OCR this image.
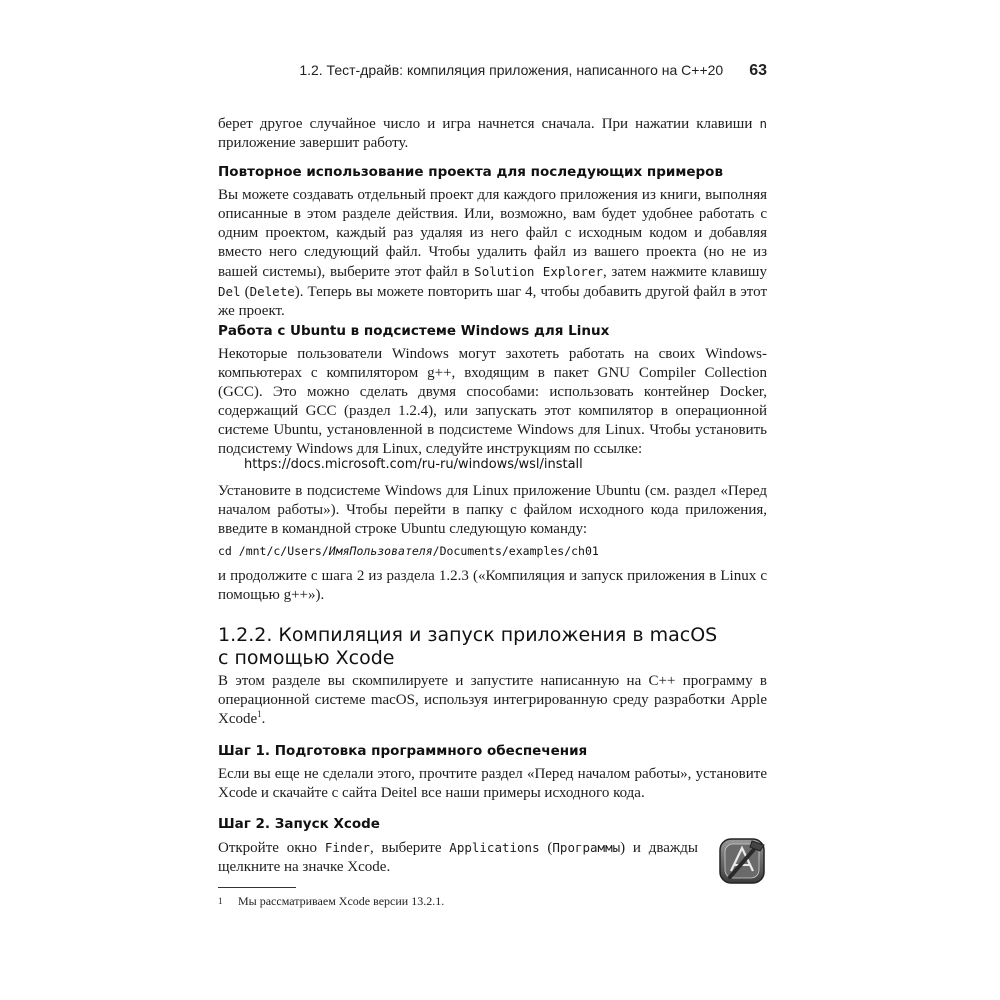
1.2. Тест-драйв: компиляция приложения, написанного на C++20 63

берет другое случайное число и игра начнется сначала. При нажатии клавиши n приложение завершит работу.

Повторное использование проекта для последующих примеров

Вы можете создавать отдельный проект для каждого приложения из книги, выполняя описанные в этом разделе действия. Или, возможно, вам будет удобнее работать с одним проектом, каждый раз удаляя из него файл с исходным кодом и добавляя вместо него следующий файл. Чтобы удалить файл из вашего проекта (но не из вашей системы), выберите этот файл в Solution Explorer, затем нажмите клавишу Del (Delete). Теперь вы можете повторить шаг 4, чтобы добавить другой файл в этот же проект.

Работа с Ubuntu в подсистеме Windows для Linux

Некоторые пользователи Windows могут захотеть работать на своих Windows-компьютерах с компилятором g++, входящим в пакет GNU Compiler Collection (GCC). Это можно сделать двумя способами: использовать контейнер Docker, содержащий GCC (раздел 1.2.4), или запускать этот компилятор в операционной системе Ubuntu, установленной в подсистеме Windows для Linux. Чтобы установить подсистему Windows для Linux, следуйте инструкциям по ссылке:

https://docs.microsoft.com/ru-ru/windows/wsl/install

Установите в подсистеме Windows для Linux приложение Ubuntu (см. раздел «Перед началом работы»). Чтобы перейти в папку с файлом исходного кода приложения, введите в командной строке Ubuntu следующую команду:

cd /mnt/c/Users/ИмяПользователя/Documents/examples/ch01

и продолжите с шага 2 из раздела 1.2.3 («Компиляция и запуск приложения в Linux с помощью g++»).

1.2.2. Компиляция и запуск приложения в macOS
с помощью Xcode

В этом разделе вы скомпилируете и запустите написанную на C++ программу в операционной системе macOS, используя интегрированную среду разработки Apple Xcode$^1$.

Шаг 1. Подготовка программного обеспечения

Если вы еще не сделали этого, прочтите раздел «Перед началом работы», установите Xcode и скачайте с сайта Deitel все наши примеры исходного кода.

Шаг 2. Запуск Xcode

Откройте окно Finder, выберите Applications (Программы) и дважды щелкните на значке Xcode.

1 Мы рассматриваем Xcode версии 13.2.1.
